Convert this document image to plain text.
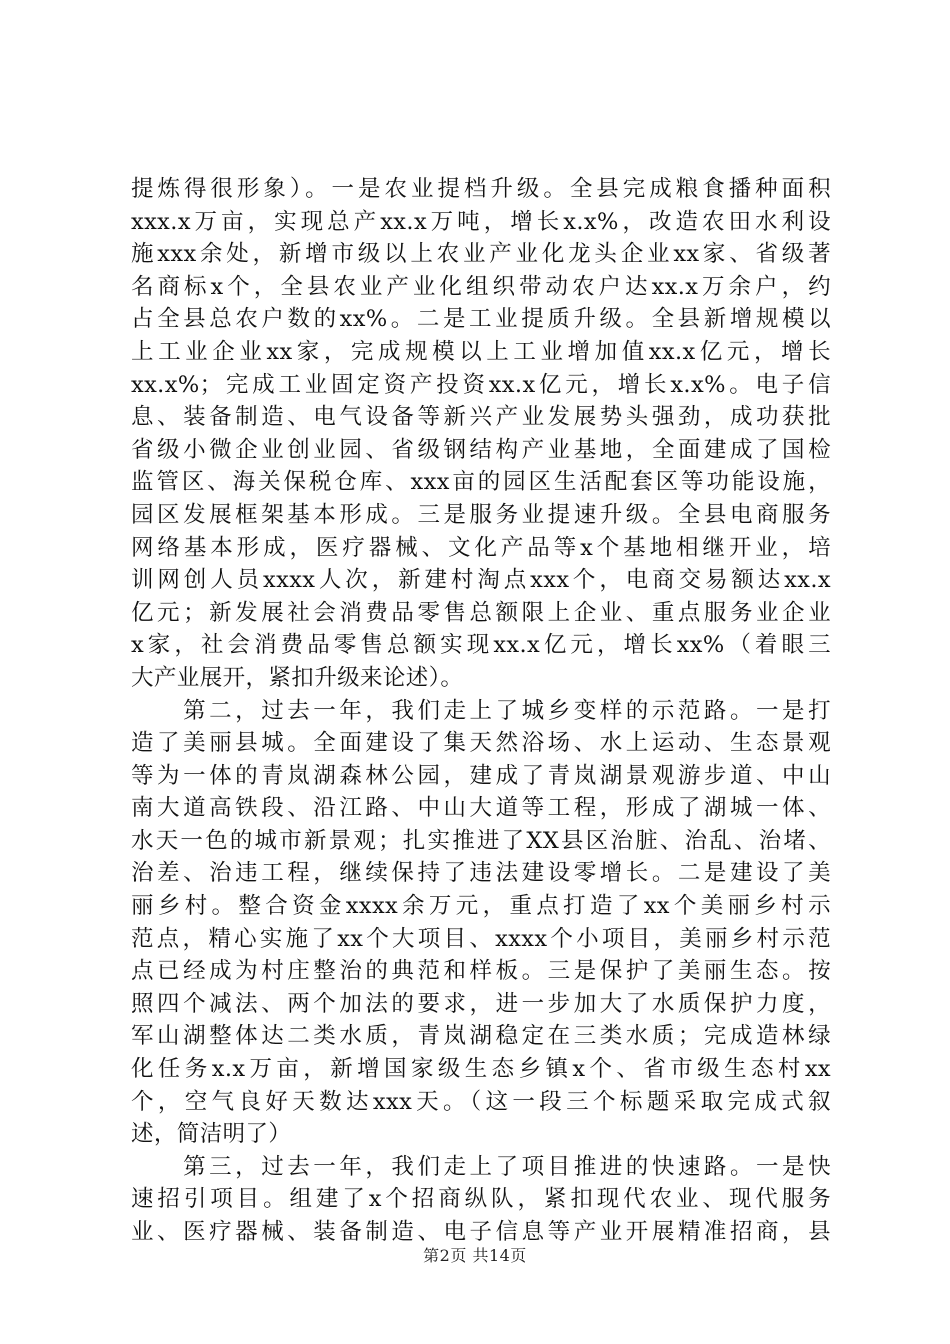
提炼得很形象）。一是农业提档升级。全县完成粮食播种面积
xxx.x万亩，实现总产xx.x万吨，增长x.x%，改造农田水利设
施xxx余处，新增市级以上农业产业化龙头企业xx家、省级著
名商标x个，全县农业产业化组织带动农户达xx.x万余户，约
占全县总农户数的xx%。二是工业提质升级。全县新增规模以
上工业企业xx家，完成规模以上工业增加值xx.x亿元，增长
xx.x%；完成工业固定资产投资xx.x亿元，增长x.x%。电子信
息、装备制造、电气设备等新兴产业发展势头强劲，成功获批
省级小微企业创业园、省级钢结构产业基地，全面建成了国检
监管区、海关保税仓库、xxx亩的园区生活配套区等功能设施，
园区发展框架基本形成。三是服务业提速升级。全县电商服务
网络基本形成，医疗器械、文化产品等x个基地相继开业，培
训网创人员xxxx人次，新建村淘点xxx个，电商交易额达xx.x
亿元；新发展社会消费品零售总额限上企业、重点服务业企业
x家，社会消费品零售总额实现xx.x亿元，增长xx%（着眼三
大产业展开，紧扣升级来论述）。
　　第二，过去一年，我们走上了城乡变样的示范路。一是打
造了美丽县城。全面建设了集天然浴场、水上运动、生态景观
等为一体的青岚湖森林公园，建成了青岚湖景观游步道、中山
南大道高铁段、沿江路、中山大道等工程，形成了湖城一体、
水天一色的城市新景观；扎实推进了XX县区治脏、治乱、治堵、
治差、治违工程，继续保持了违法建设零增长。二是建设了美
丽乡村。整合资金xxxx余万元，重点打造了xx个美丽乡村示
范点，精心实施了xx个大项目、xxxx个小项目，美丽乡村示范
点已经成为村庄整治的典范和样板。三是保护了美丽生态。按
照四个减法、两个加法的要求，进一步加大了水质保护力度，
军山湖整体达二类水质，青岚湖稳定在三类水质；完成造林绿
化任务x.x万亩，新增国家级生态乡镇x个、省市级生态村xx
个，空气良好天数达xxx天。（这一段三个标题采取完成式叙
述，简洁明了）
　　第三，过去一年，我们走上了项目推进的快速路。一是快
速招引项目。组建了x个招商纵队，紧扣现代农业、现代服务
业、医疗器械、装备制造、电子信息等产业开展精准招商，县
第2页 共14页
